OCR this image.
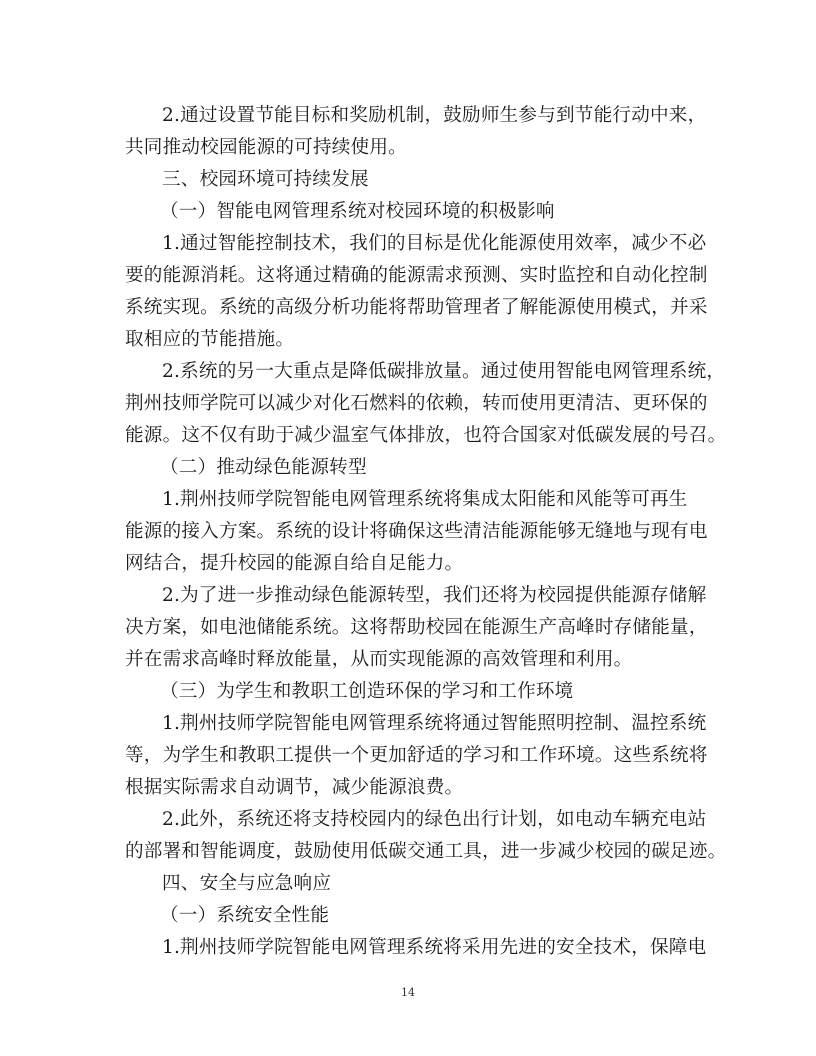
2.通过设置节能目标和奖励机制，鼓励师生参与到节能行动中来，
共同推动校园能源的可持续使用。
三、校园环境可持续发展
（一）智能电网管理系统对校园环境的积极影响
1.通过智能控制技术，我们的目标是优化能源使用效率，减少不必
要的能源消耗。这将通过精确的能源需求预测、实时监控和自动化控制
系统实现。系统的高级分析功能将帮助管理者了解能源使用模式，并采
取相应的节能措施。
2.系统的另一大重点是降低碳排放量。通过使用智能电网管理系统，
荆州技师学院可以减少对化石燃料的依赖，转而使用更清洁、更环保的
能源。这不仅有助于减少温室气体排放，也符合国家对低碳发展的号召。
（二）推动绿色能源转型
1.荆州技师学院智能电网管理系统将集成太阳能和风能等可再生
能源的接入方案。系统的设计将确保这些清洁能源能够无缝地与现有电
网结合，提升校园的能源自给自足能力。
2.为了进一步推动绿色能源转型，我们还将为校园提供能源存储解
决方案，如电池储能系统。这将帮助校园在能源生产高峰时存储能量，
并在需求高峰时释放能量，从而实现能源的高效管理和利用。
（三）为学生和教职工创造环保的学习和工作环境
1.荆州技师学院智能电网管理系统将通过智能照明控制、温控系统
等，为学生和教职工提供一个更加舒适的学习和工作环境。这些系统将
根据实际需求自动调节，减少能源浪费。
2.此外，系统还将支持校园内的绿色出行计划，如电动车辆充电站
的部署和智能调度，鼓励使用低碳交通工具，进一步减少校园的碳足迹。
四、安全与应急响应
（一）系统安全性能
1.荆州技师学院智能电网管理系统将采用先进的安全技术，保障电
14
